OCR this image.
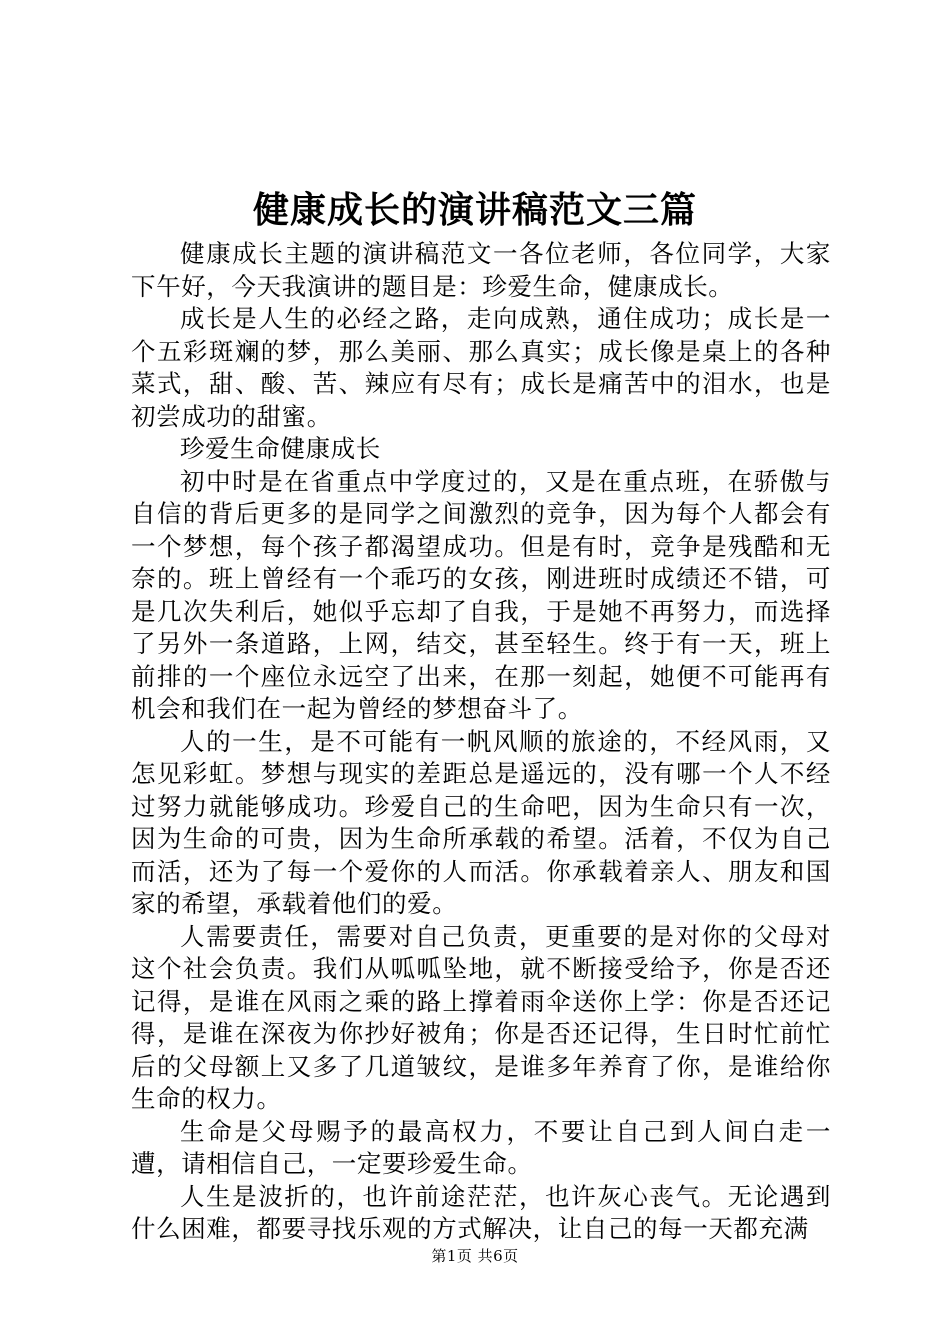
健康成长的演讲稿范文三篇

健康成长主题的演讲稿范文一各位老师，各位同学，大家下午好，今天我演讲的题目是：珍爱生命，健康成长。

成长是人生的必经之路，走向成熟，通住成功；成长是一个五彩斑斓的梦，那么美丽、那么真实；成长像是桌上的各种菜式，甜、酸、苦、辣应有尽有；成长是痛苦中的泪水，也是初尝成功的甜蜜。

珍爱生命健康成长

初中时是在省重点中学度过的，又是在重点班，在骄傲与自信的背后更多的是同学之间激烈的竞争，因为每个人都会有一个梦想，每个孩子都渴望成功。但是有时，竞争是残酷和无奈的。班上曾经有一个乖巧的女孩，刚进班时成绩还不错，可是几次失利后，她似乎忘却了自我，于是她不再努力，而选择了另外一条道路，上网，结交，甚至轻生。终于有一天，班上前排的一个座位永远空了出来，在那一刻起，她便不可能再有机会和我们在一起为曾经的梦想奋斗了。

人的一生，是不可能有一帆风顺的旅途的，不经风雨，又怎见彩虹。梦想与现实的差距总是遥远的，没有哪一个人不经过努力就能够成功。珍爱自己的生命吧，因为生命只有一次，因为生命的可贵，因为生命所承载的希望。活着，不仅为自己而活，还为了每一个爱你的人而活。你承载着亲人、朋友和国家的希望，承载着他们的爱。

人需要责任，需要对自己负责，更重要的是对你的父母对这个社会负责。我们从呱呱坠地，就不断接受给予，你是否还记得，是谁在风雨之乘的路上撑着雨伞送你上学：你是否还记得，是谁在深夜为你抄好被角；你是否还记得，生日时忙前忙后的父母额上又多了几道皱纹，是谁多年养育了你，是谁给你生命的权力。

生命是父母赐予的最高权力，不要让自己到人间白走一遭，请相信自己，一定要珍爱生命。

人生是波折的，也许前途茫茫，也许灰心丧气。无论遇到什么困难，都要寻找乐观的方式解决，让自己的每一天都充满

第1页 共6页
